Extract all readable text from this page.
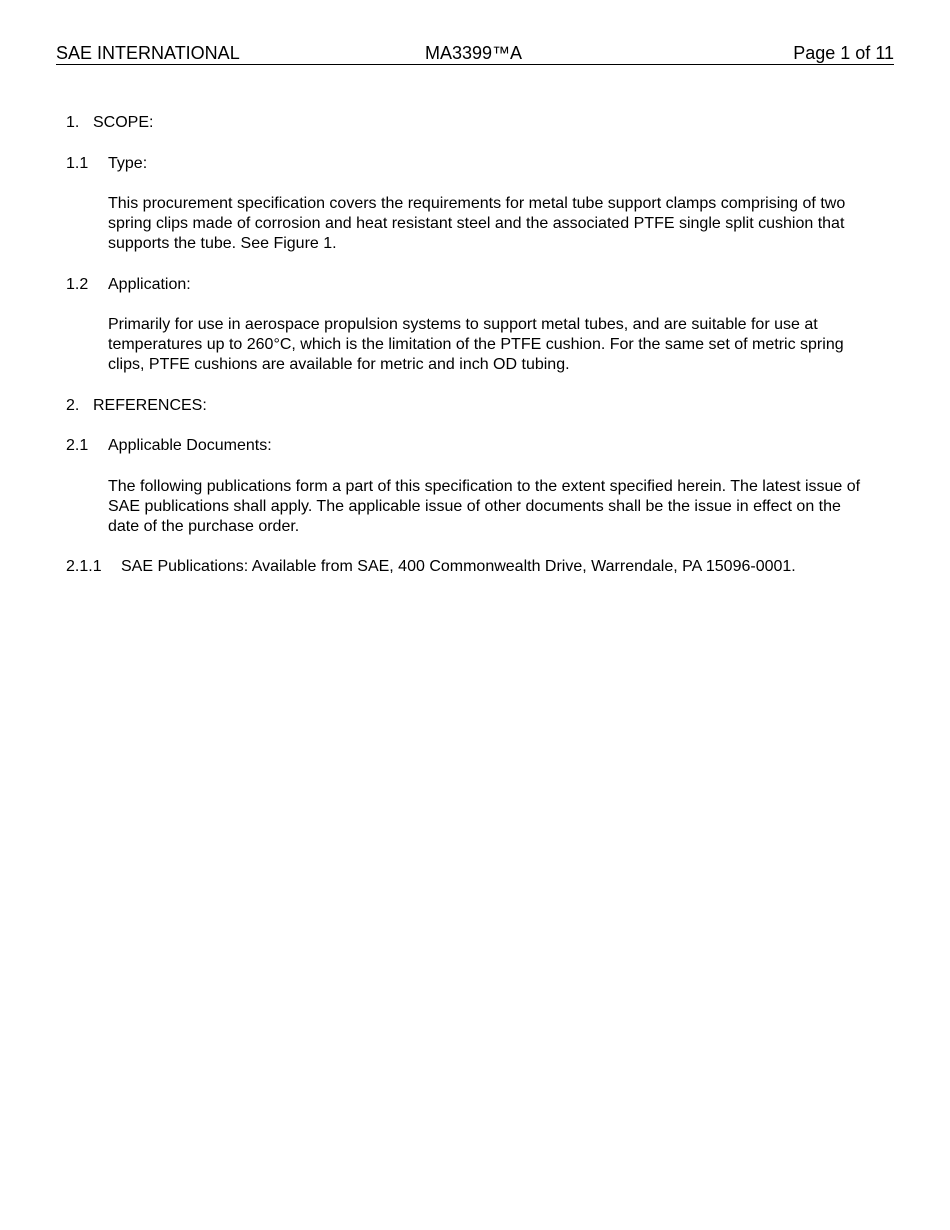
SAE INTERNATIONAL	MA3399™A	Page 1 of 11
1. SCOPE:
1.1 Type:
This procurement specification covers the requirements for metal tube support clamps comprising of two spring clips made of corrosion and heat resistant steel and the associated PTFE single split cushion that supports the tube. See Figure 1.
1.2 Application:
Primarily for use in aerospace propulsion systems to support metal tubes, and are suitable for use at temperatures up to 260°C, which is the limitation of the PTFE cushion. For the same set of metric spring clips, PTFE cushions are available for metric and inch OD tubing.
2. REFERENCES:
2.1 Applicable Documents:
The following publications form a part of this specification to the extent specified herein. The latest issue of SAE publications shall apply. The applicable issue of other documents shall be the issue in effect on the date of the purchase order.
2.1.1 SAE Publications: Available from SAE, 400 Commonwealth Drive, Warrendale, PA 15096-0001.
